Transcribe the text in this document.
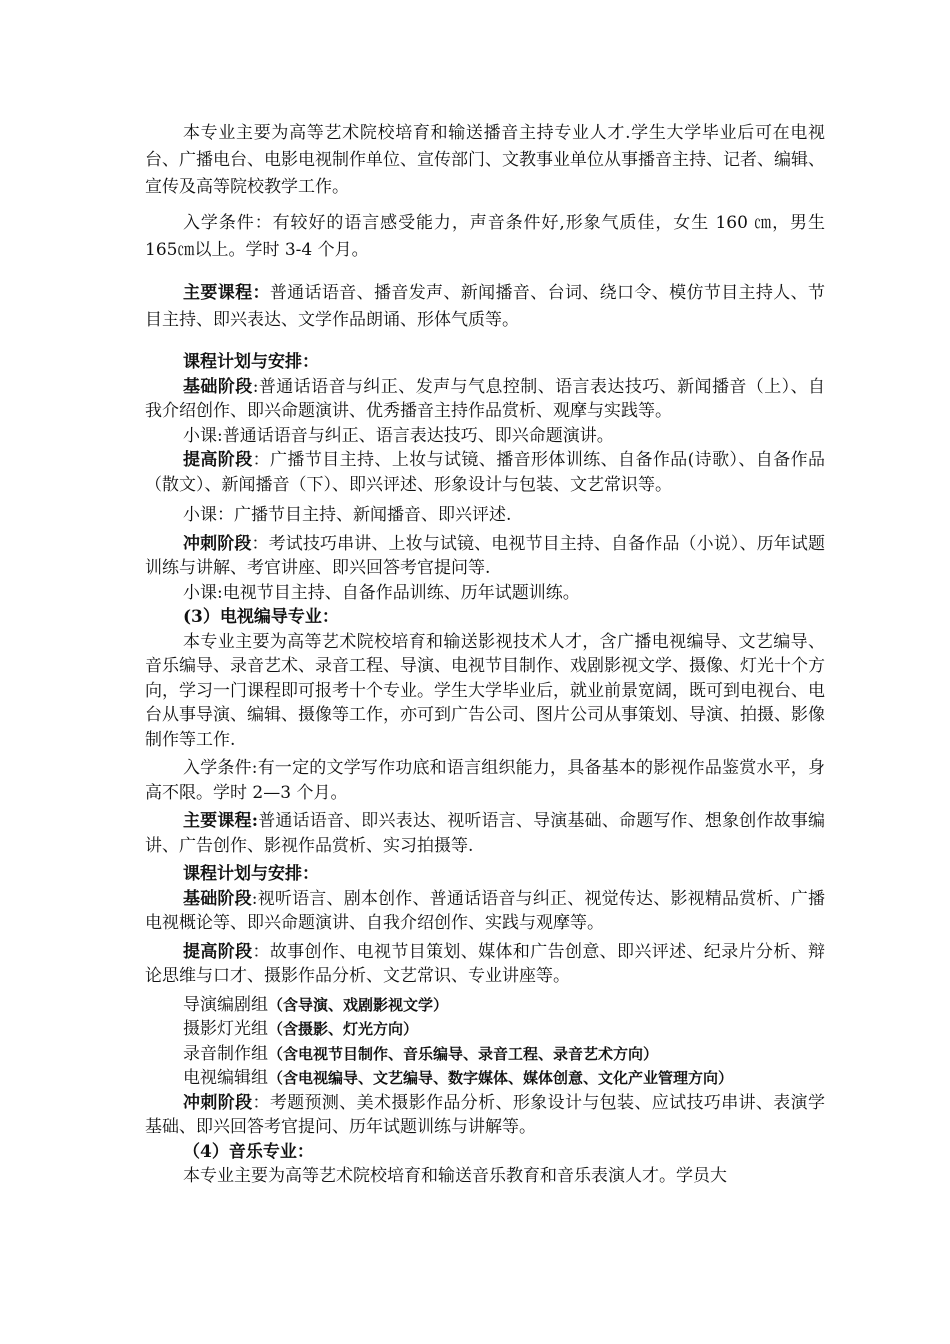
本专业主要为高等艺术院校培育和输送播音主持专业人才.学生大学毕业后可在电视台、广播电台、电影电视制作单位、宣传部门、文教事业单位从事播音主持、记者、编辑、宣传及高等院校教学工作。

入学条件：有较好的语言感受能力，声音条件好,形象气质佳，女生 160 ㎝，男生 165㎝以上。学时 3-4 个月。

主要课程：普通话语音、播音发声、新闻播音、台词、绕口令、模仿节目主持人、节目主持、即兴表达、文学作品朗诵、形体气质等。

课程计划与安排：

基础阶段:普通话语音与纠正、发声与气息控制、语言表达技巧、新闻播音（上）、自我介绍创作、即兴命题演讲、优秀播音主持作品赏析、观摩与实践等。

小课:普通话语音与纠正、语言表达技巧、即兴命题演讲。

提高阶段：广播节目主持、上妆与试镜、播音形体训练、自备作品(诗歌）、自备作品（散文）、新闻播音（下）、即兴评述、形象设计与包装、文艺常识等。

小课：广播节目主持、新闻播音、即兴评述.

冲刺阶段：考试技巧串讲、上妆与试镜、电视节目主持、自备作品（小说）、历年试题训练与讲解、考官讲座、即兴回答考官提问等.

小课:电视节目主持、自备作品训练、历年试题训练。

(3）电视编导专业：

本专业主要为高等艺术院校培育和输送影视技术人才，含广播电视编导、文艺编导、音乐编导、录音艺术、录音工程、导演、电视节目制作、戏剧影视文学、摄像、灯光十个方向，学习一门课程即可报考十个专业。学生大学毕业后，就业前景宽阔，既可到电视台、电台从事导演、编辑、摄像等工作，亦可到广告公司、图片公司从事策划、导演、拍摄、影像制作等工作.

入学条件:有一定的文学写作功底和语言组织能力，具备基本的影视作品鉴赏水平，身高不限。学时 2—3 个月。

主要课程:普通话语音、即兴表达、视听语言、导演基础、命题写作、想象创作故事编讲、广告创作、影视作品赏析、实习拍摄等.

课程计划与安排：

基础阶段:视听语言、剧本创作、普通话语音与纠正、视觉传达、影视精品赏析、广播电视概论等、即兴命题演讲、自我介绍创作、实践与观摩等。

提高阶段：故事创作、电视节目策划、媒体和广告创意、即兴评述、纪录片分析、辩论思维与口才、摄影作品分析、文艺常识、专业讲座等。

导演编剧组（含导演、戏剧影视文学）

摄影灯光组（含摄影、灯光方向）

录音制作组（含电视节目制作、音乐编导、录音工程、录音艺术方向）

电视编辑组（含电视编导、文艺编导、数字媒体、媒体创意、文化产业管理方向）

冲刺阶段：考题预测、美术摄影作品分析、形象设计与包装、应试技巧串讲、表演学基础、即兴回答考官提问、历年试题训练与讲解等。

（4）音乐专业：

本专业主要为高等艺术院校培育和输送音乐教育和音乐表演人才。学员大
